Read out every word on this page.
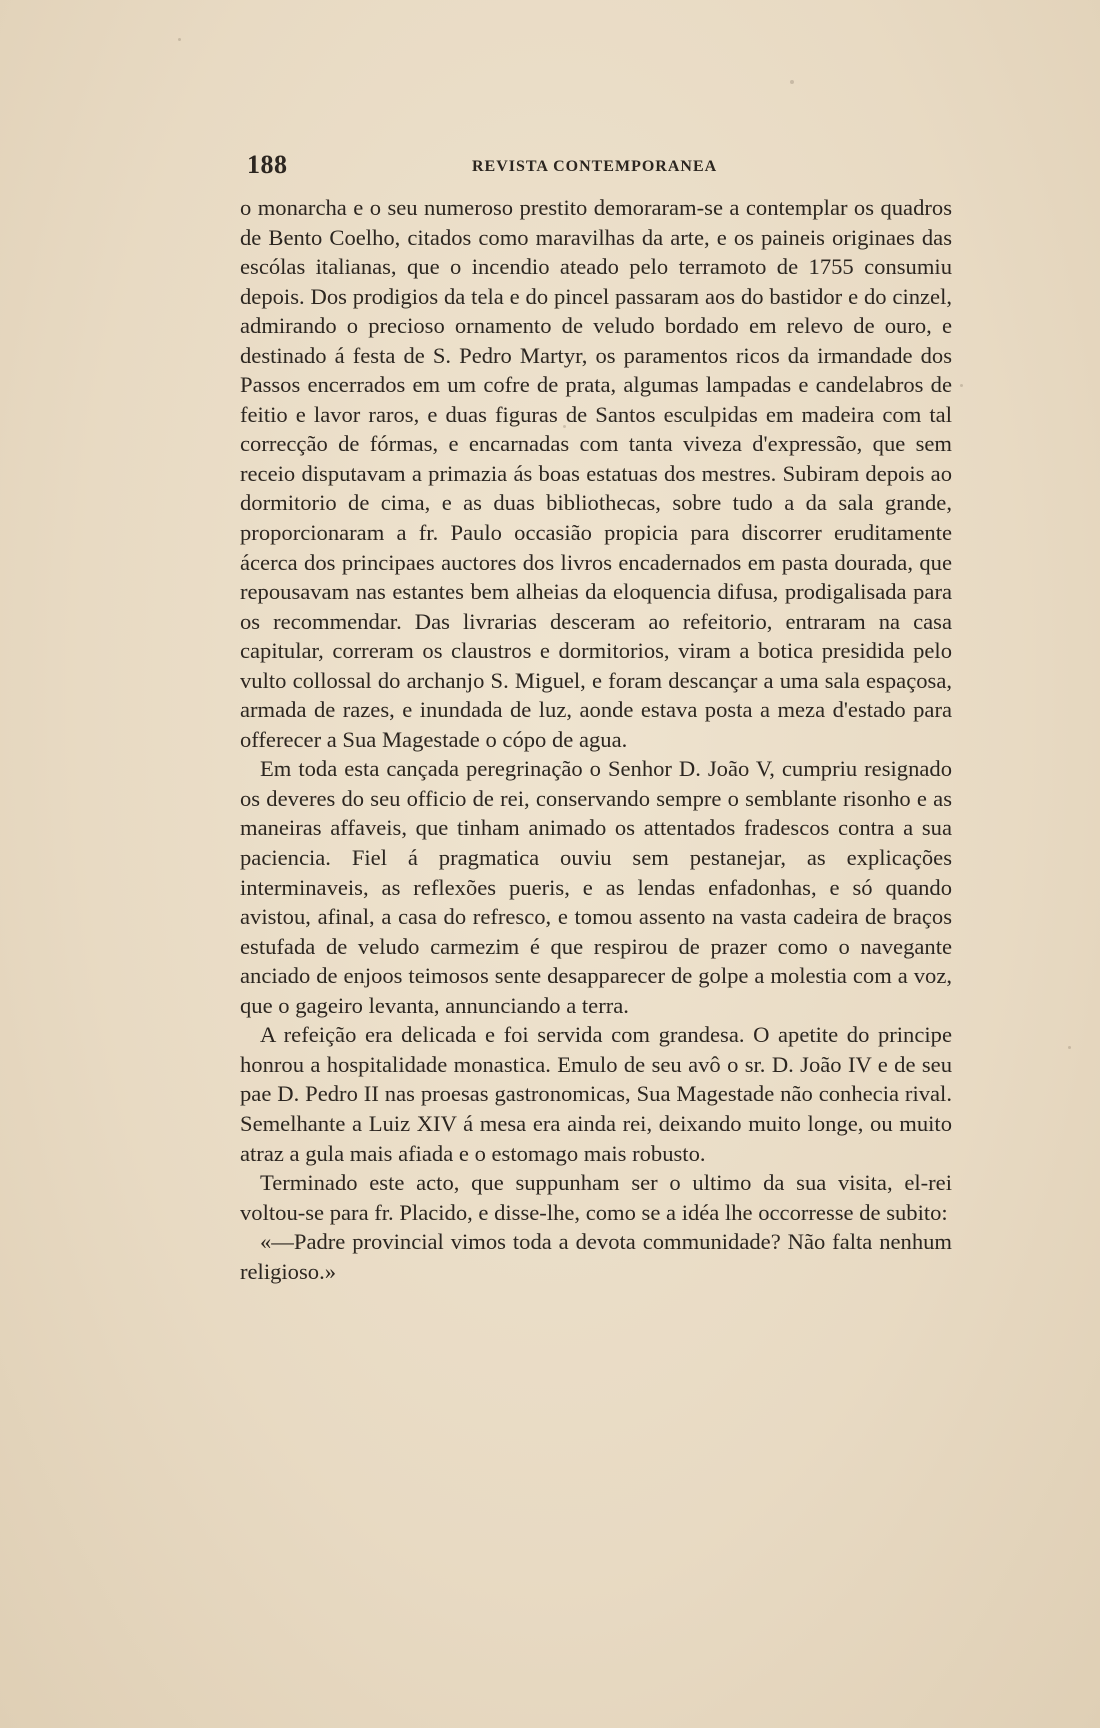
188	REVISTA CONTEMPORANEA

o monarcha e o seu numeroso prestito demoraram-se a contemplar os quadros de Bento Coelho, citados como maravilhas da arte, e os paineis originaes das escólas italianas, que o incendio ateado pelo terramoto de 1755 consumiu depois. Dos prodigios da tela e do pincel passaram aos do bastidor e do cinzel, admirando o precioso ornamento de veludo bordado em relevo de ouro, e destinado á festa de S. Pedro Martyr, os paramentos ricos da irmandade dos Passos encerrados em um cofre de prata, algumas lampadas e candelabros de feitio e lavor raros, e duas figuras de Santos esculpidas em madeira com tal correcção de fórmas, e encarnadas com tanta viveza d'expressão, que sem receio disputavam a primazia ás boas estatuas dos mestres. Subiram depois ao dormitorio de cima, e as duas bibliothecas, sobre tudo a da sala grande, proporcionaram a fr. Paulo occasião propicia para discorrer eruditamente ácerca dos principaes auctores dos livros encadernados em pasta dourada, que repousavam nas estantes bem alheias da eloquencia difusa, prodigalisada para os recommendar. Das livrarias desceram ao refeitorio, entraram na casa capitular, correram os claustros e dormitorios, viram a botica presidida pelo vulto collossal do archanjo S. Miguel, e foram descançar a uma sala espaçosa, armada de razes, e inundada de luz, aonde estava posta a meza d'estado para offerecer a Sua Magestade o cópo de agua.

Em toda esta cançada peregrinação o Senhor D. João V, cumpriu resignado os deveres do seu officio de rei, conservando sempre o semblante risonho e as maneiras affaveis, que tinham animado os attentados fradescos contra a sua paciencia. Fiel á pragmatica ouviu sem pestanejar, as explicações interminaveis, as reflexões pueris, e as lendas enfadonhas, e só quando avistou, afinal, a casa do refresco, e tomou assento na vasta cadeira de braços estufada de veludo carmezim é que respirou de prazer como o navegante anciado de enjoos teimosos sente desapparecer de golpe a molestia com a voz, que o gageiro levanta, annunciando a terra.

A refeição era delicada e foi servida com grandesa. O apetite do principe honrou a hospitalidade monastica. Emulo de seu avô o sr. D. João IV e de seu pae D. Pedro II nas proesas gastronomicas, Sua Magestade não conhecia rival. Semelhante a Luiz XIV á mesa era ainda rei, deixando muito longe, ou muito atraz a gula mais afiada e o estomago mais robusto.

Terminado este acto, que suppunham ser o ultimo da sua visita, el-rei voltou-se para fr. Placido, e disse-lhe, como se a idéa lhe occorresse de subito:

«—Padre provincial vimos toda a devota communidade? Não falta nenhum religioso.»
